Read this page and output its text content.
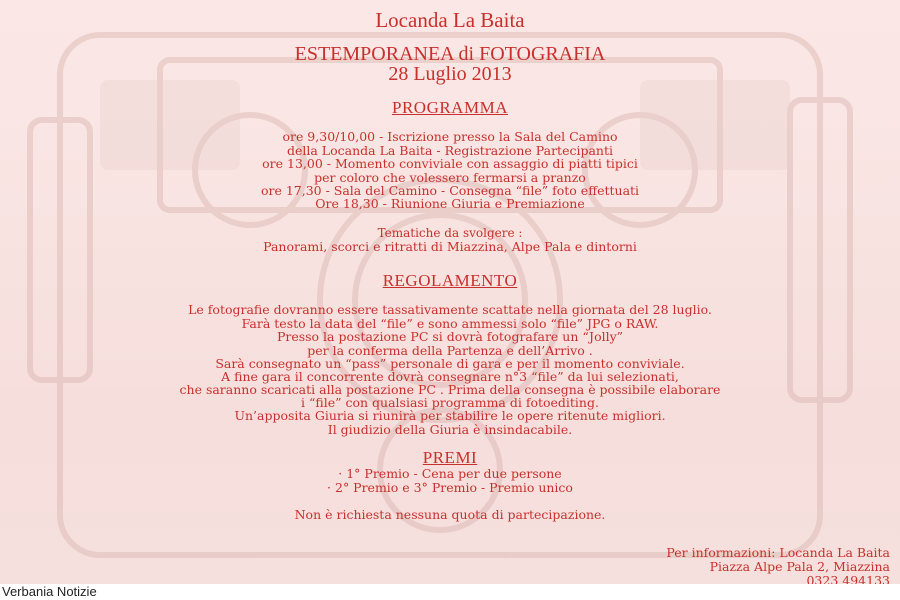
Locanda La Baita
ESTEMPORANEA di FOTOGRAFIA
28 Luglio 2013
PROGRAMMA
ore 9,30/10,00 - Iscrizione presso la Sala del Camino
della Locanda La Baita - Registrazione Partecipanti
ore 13,00 - Momento conviviale con assaggio di piatti tipici
per coloro che volessero fermarsi a pranzo
ore 17,30 - Sala del Camino - Consegna “file” foto effettuati
Ore 18,30 - Riunione Giuria e Premiazione
Tematiche da svolgere :
Panorami, scorci e ritratti di Miazzina, Alpe Pala e dintorni
REGOLAMENTO
Le fotografie dovranno essere tassativamente scattate nella giornata del 28 luglio.
Farà testo la data del “file” e sono ammessi solo “file” JPG o RAW.
Presso la postazione PC si dovrà fotografare un “Jolly”
per la conferma della Partenza e dell’Arrivo .
Sarà consegnato un “pass” personale di gara e per il momento conviviale.
A fine gara il concorrente dovrà consegnare n°3 “file” da lui selezionati,
che saranno scaricati alla postazione PC . Prima della consegna è possibile elaborare
i “file” con qualsiasi programma di fotoediting.
Un’apposita Giuria si riunirà per stabilire le opere ritenute migliori.
Il giudizio della Giuria è insindacabile.
PREMI
· 1° Premio - Cena per due persone
· 2° Premio e 3° Premio - Premio unico
Non è richiesta nessuna quota di partecipazione.
Per informazioni: Locanda La Baita
Piazza Alpe Pala 2, Miazzina
0323 494133
Verbania Notizie
